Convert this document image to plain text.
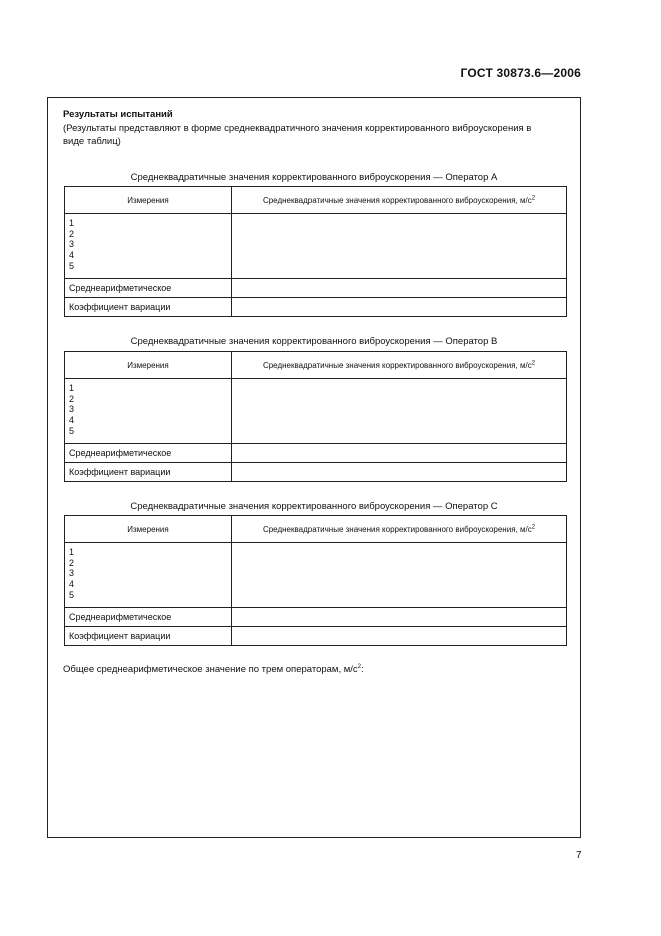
ГОСТ 30873.6—2006
Результаты испытаний
(Результаты представляют в форме среднеквадратичного значения корректированного виброускорения в
виде таблиц)
Среднеквадратичные значения корректированного виброускорения — Оператор А
Измерения	Среднеквадратичные значения корректированного виброускорения, $м/с^2$

1
2
3
4
5	

Среднеарифметическое	
Коэффициент вариации	
Среднеквадратичные значения корректированного виброускорения — Оператор В
Измерения	Среднеквадратичные значения корректированного виброускорения, $м/с^2$

1
2
3
4
5	

Среднеарифметическое	
Коэффициент вариации	
Среднеквадратичные значения корректированного виброускорения — Оператор С
Измерения	Среднеквадратичные значения корректированного виброускорения, $м/с^2$

1
2
3
4
5	

Среднеарифметическое	
Коэффициент вариации	
Общее среднеарифметическое значение по трем операторам, $м/с^2$:
7
